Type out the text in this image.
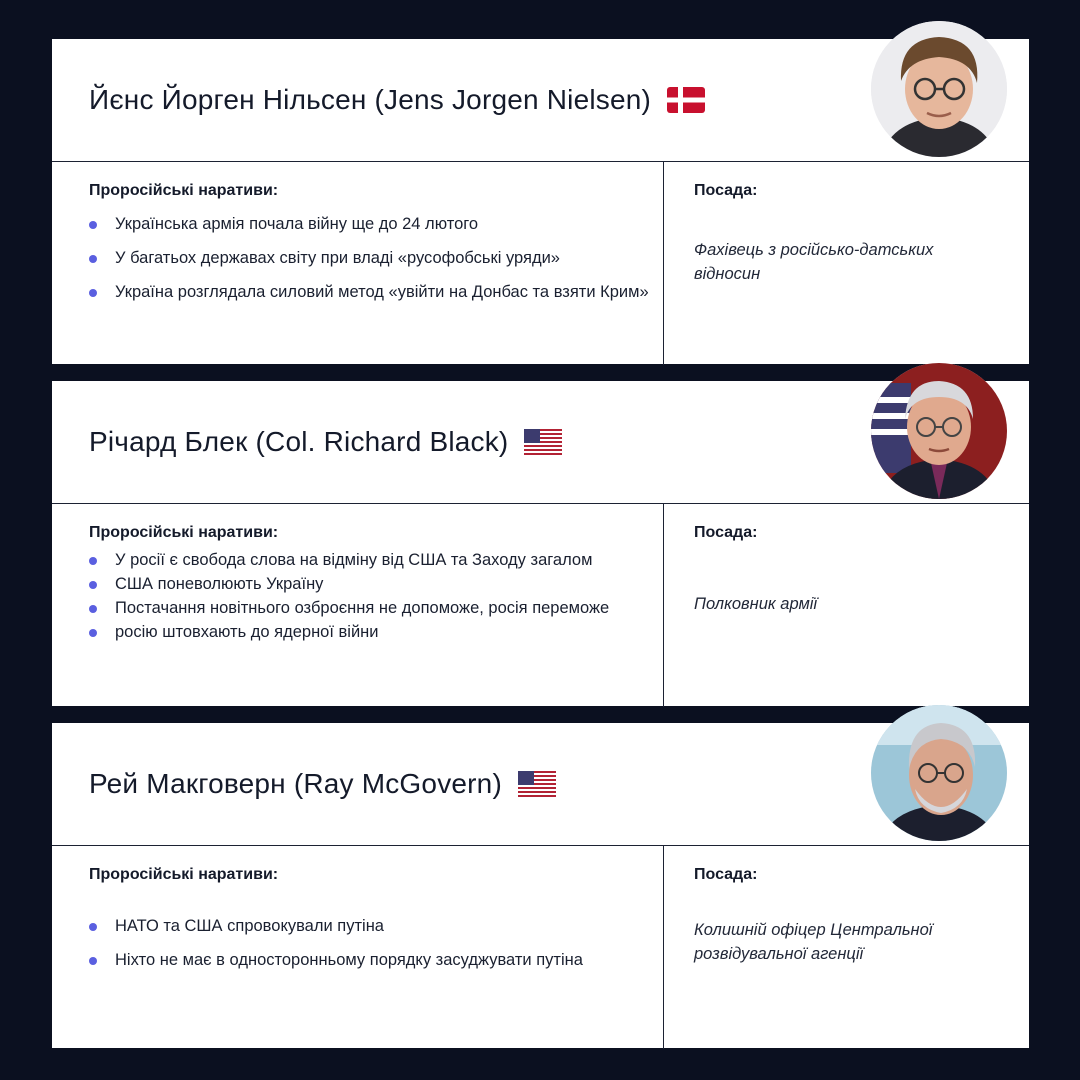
Йєнс Йорген Нільсен (Jens Jorgen Nielsen)
Проросійські наративи:
Українська армія почала війну ще до 24 лютого
У багатьох державах світу при владі «русофобські уряди»
Україна розглядала силовий метод «увійти на Донбас та взяти Крим»
Посада:
Фахівець з російсько-датських відносин
Річард Блек (Col. Richard Black)
Проросійські наративи:
У росії є свобода слова на відміну від США та Заходу загалом
США поневолюють Україну
Постачання новітнього озброєння не допоможе, росія переможе
росію штовхають до ядерної війни
Посада:
Полковник армії
Рей Макговерн (Ray McGovern)
Проросійські наративи:
НАТО та США спровокували путіна
Ніхто не має в односторонньому порядку засуджувати путіна
Посада:
Колишній офіцер Центральної розвідувальної агенції
